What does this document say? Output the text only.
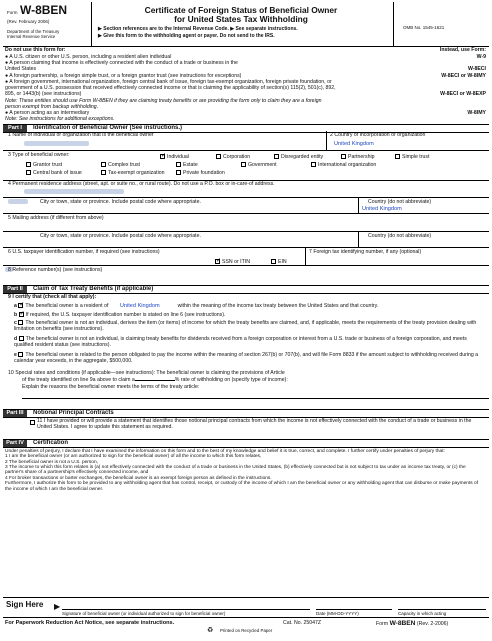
Form W-8BEN
(Rev. February 2006)
Department of the Treasury
Internal Revenue Service
Certificate of Foreign Status of Beneficial Owner
for United States Tax Withholding
▶ Section references are to the Internal Revenue Code. ▶ See separate instructions.
▶ Give this form to the withholding agent or payer. Do not send to the IRS.
OMB No. 1545-1621
Do not use this form for:	Instead, use Form:
● A U.S. citizen or other U.S. person, including a resident alien individual	W-9
● A person claiming that income is effectively connected with the conduct of a trade or business in the United States	W-8ECI
● A foreign partnership, a foreign simple trust, or a foreign grantor trust (see instructions for exceptions)	W-8ECI or W-8IMY
● A foreign government, international organization, foreign central bank of issue, foreign tax-exempt organization, foreign private foundation, or government of a U.S. possession that received effectively connected income or that is claiming the applicability of section(s) 115(2), 501(c), 892, 895, or 1443(b) (see instructions)	W-8ECI or W-8EXP
Note: These entities should use Form W-8BEN if they are claiming treaty benefits or are providing the form only to claim they are a foreign person exempt from backup withholding.
● A person acting as an intermediary	W-8IMY
Note: See instructions for additional exceptions.
Part I	Identification of Beneficial Owner (See instructions.)
1 Name of individual or organization that is the beneficial owner	2 Country of incorporation or organization
United Kingdom
3 Type of beneficial owner: ✓	Individual	Corporation	Disregarded entity	Partnership	Simple trust
Grantor trust	Complex trust	Estate	Government	International organization
Central bank of issue	Tax-exempt organization	Private foundation
4 Permanent residence address (street, apt. or suite no., or rural route). Do not use a P.O. box or in-care-of address.
City or town, state or province. Include postal code where appropriate.	Country (do not abbreviate)
United Kingdom
5 Mailing address (if different from above)
City or town, state or province. Include postal code where appropriate.	Country (do not abbreviate)
6 U.S. taxpayer identification number, if required (see instructions)
✓SSN or ITIN	EIN
7 Foreign tax identifying number, if any (optional)
8 Reference number(s) (see instructions)
Part II	Claim of Tax Treaty Benefits (if applicable)
9 I certify that (check all that apply):
a ✓ The beneficial owner is a resident of United Kingdom	within the meaning of the income tax treaty between the United States and that country.
b ✓ If required, the U.S. taxpayer identification number is stated on line 6 (see instructions).
c The beneficial owner is not an individual, derives the item (or items) of income for which the treaty benefits are claimed, and, if applicable, meets the requirements of the treaty provision dealing with limitation on benefits (see instructions).
d The beneficial owner is not an individual, is claiming treaty benefits for dividends received from a foreign corporation or interest from a U.S. trade or business of a foreign corporation, and meets qualified resident status (see instructions).
e The beneficial owner is related to the person obligated to pay the income within the meaning of section 267(b) or 707(b), and will file Form 8833 if the amount subject to withholding received during a calendar year exceeds, in the aggregate, $500,000.
10 Special rates and conditions (if applicable—see instructions): The beneficial owner is claiming the provisions of Article
of the treaty identified on line 9a above to claim a	% rate of withholding on (specify type of income):
Explain the reasons the beneficial owner meets the terms of the treaty article:
Part III	Notional Principal Contracts
11 I have provided or will provide a statement that identifies those notional principal contracts from which the income is not effectively connected with the conduct of a trade or business in the United States. I agree to update this statement as required.
Part IV	Certification
Under penalties of perjury, I declare that I have examined the information on this form and to the best of my knowledge and belief it is true, correct, and complete. I further certify under penalties of perjury that:
1 I am the beneficial owner (or am authorized to sign for the beneficial owner) of all the income to which this form relates,
2 The beneficial owner is not a U.S. person,
3 The income to which this form relates is (a) not effectively connected with the conduct of a trade or business in the United States, (b) effectively connected but is not subject to tax under an income tax treaty, or (c) the partner's share of a partnership's effectively connected income, and
4 For broker transactions or barter exchanges, the beneficial owner is an exempt foreign person as defined in the instructions.
Furthermore, I authorize this form to be provided to any withholding agent that has control, receipt, or custody of the income of which I am the beneficial owner or any withholding agent that can disburse or make payments of the income of which I am the beneficial owner.
Sign Here ▶
Signature of beneficial owner (or individual authorized to sign for beneficial owner)	Date (MM-DD-YYYY)	Capacity in which acting
For Paperwork Reduction Act Notice, see separate instructions.	Cat. No. 25047Z	Form W-8BEN (Rev. 2-2006)
♻ Printed on Recycled Paper
